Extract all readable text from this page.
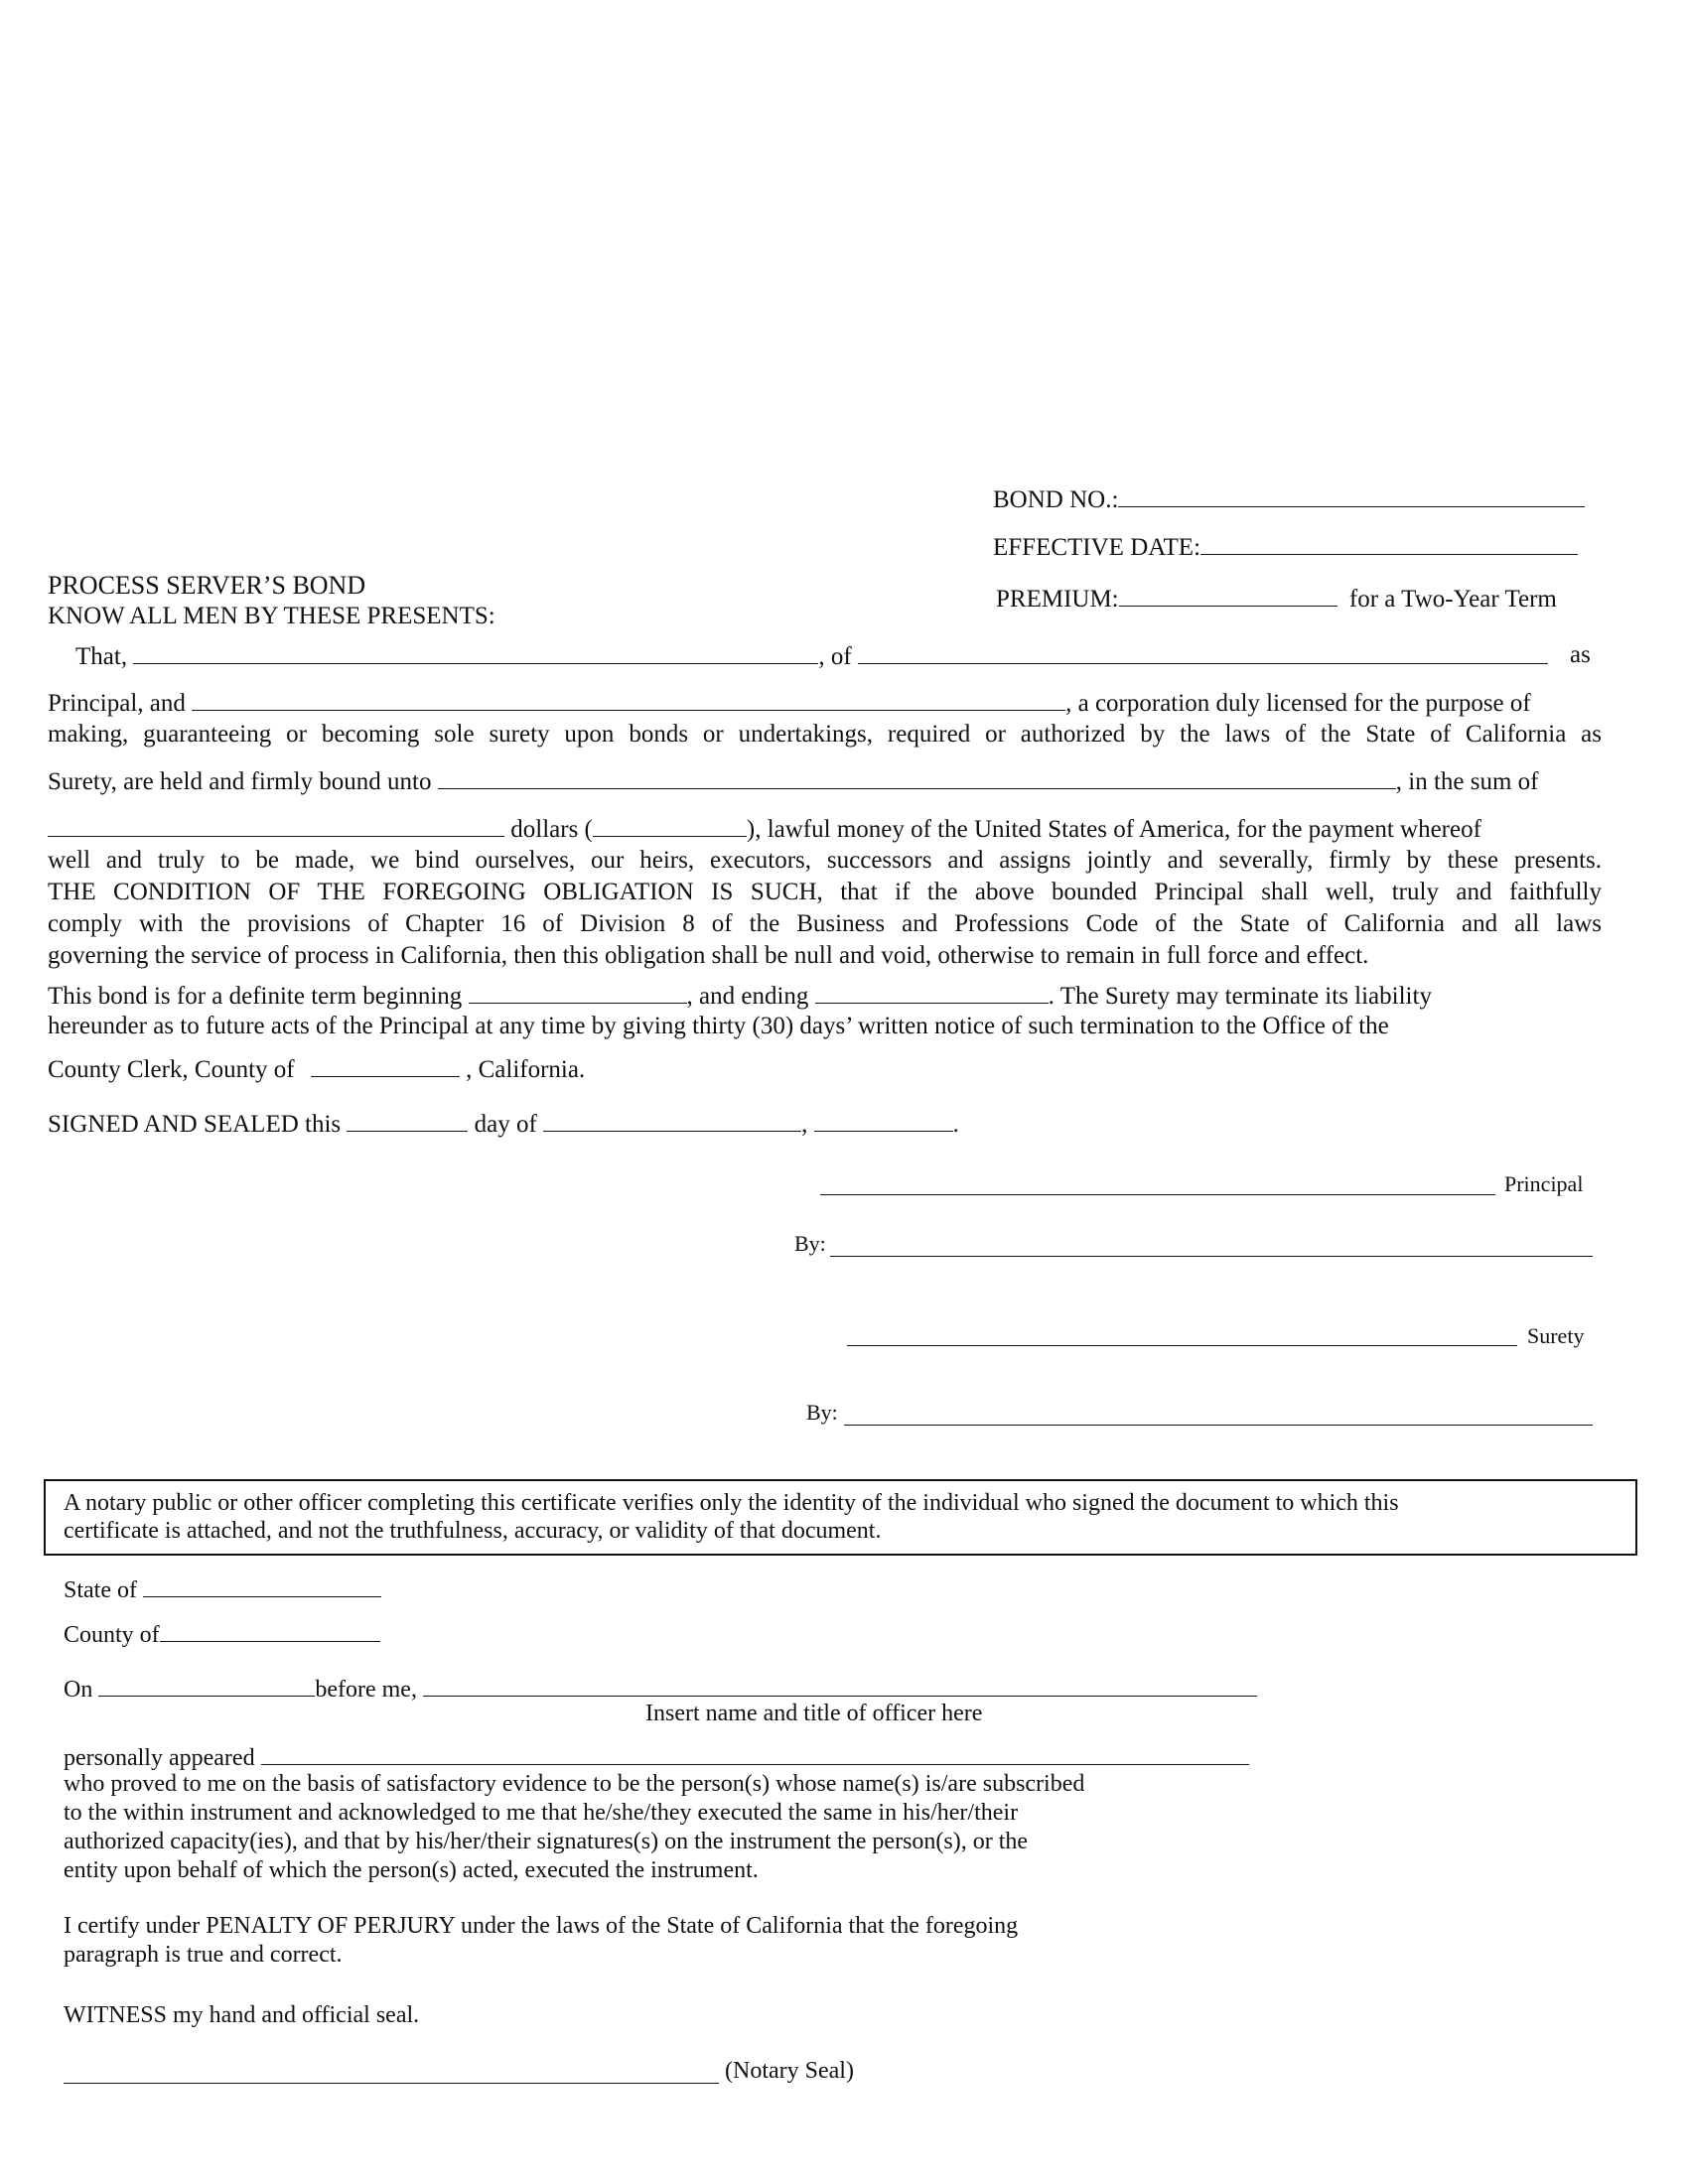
BOND NO.:
EFFECTIVE DATE:
PREMIUM:	for a Two-Year Term
PROCESS SERVER’S BOND
KNOW ALL MEN BY THESE PRESENTS:
That,	, of	as
Principal, and	, a corporation duly licensed for the purpose of
making, guaranteeing or becoming sole surety upon bonds or undertakings, required or authorized by the laws of the State of California as
Surety, are held and firmly bound unto	, in the sum of
dollars (	), lawful money of the United States of America, for the payment whereof
well and truly to be made, we bind ourselves, our heirs, executors, successors and assigns jointly and severally, firmly by these presents.
THE CONDITION OF THE FOREGOING OBLIGATION IS SUCH, that if the above bounded Principal shall well, truly and faithfully
comply with the provisions of Chapter 16 of Division 8 of the Business and Professions Code of the State of California and all laws
governing the service of process in California, then this obligation shall be null and void, otherwise to remain in full force and effect.
This bond is for a definite term beginning	, and ending	. The Surety may terminate its liability
hereunder as to future acts of the Principal at any time by giving thirty (30) days’ written notice of such termination to the Office of the
County Clerk, County of	, California.
SIGNED AND SEALED this	day of	,	.
Principal
By:
Surety
By:

A notary public or other officer completing this certificate verifies only the identity of the individual who signed the document to which this

certificate is attached, and not the truthfulness, accuracy, or validity of that document.

State of
County of
On	before me,
Insert name and title of officer here
personally appeared
who proved to me on the basis of satisfactory evidence to be the person(s) whose name(s) is/are subscribed
to the within instrument and acknowledged to me that he/she/they executed the same in his/her/their
authorized capacity(ies), and that by his/her/their signatures(s) on the instrument the person(s), or the
entity upon behalf of which the person(s) acted, executed the instrument.
I certify under PENALTY OF PERJURY under the laws of the State of California that the foregoing
paragraph is true and correct.
WITNESS my hand and official seal.
(Notary Seal)
